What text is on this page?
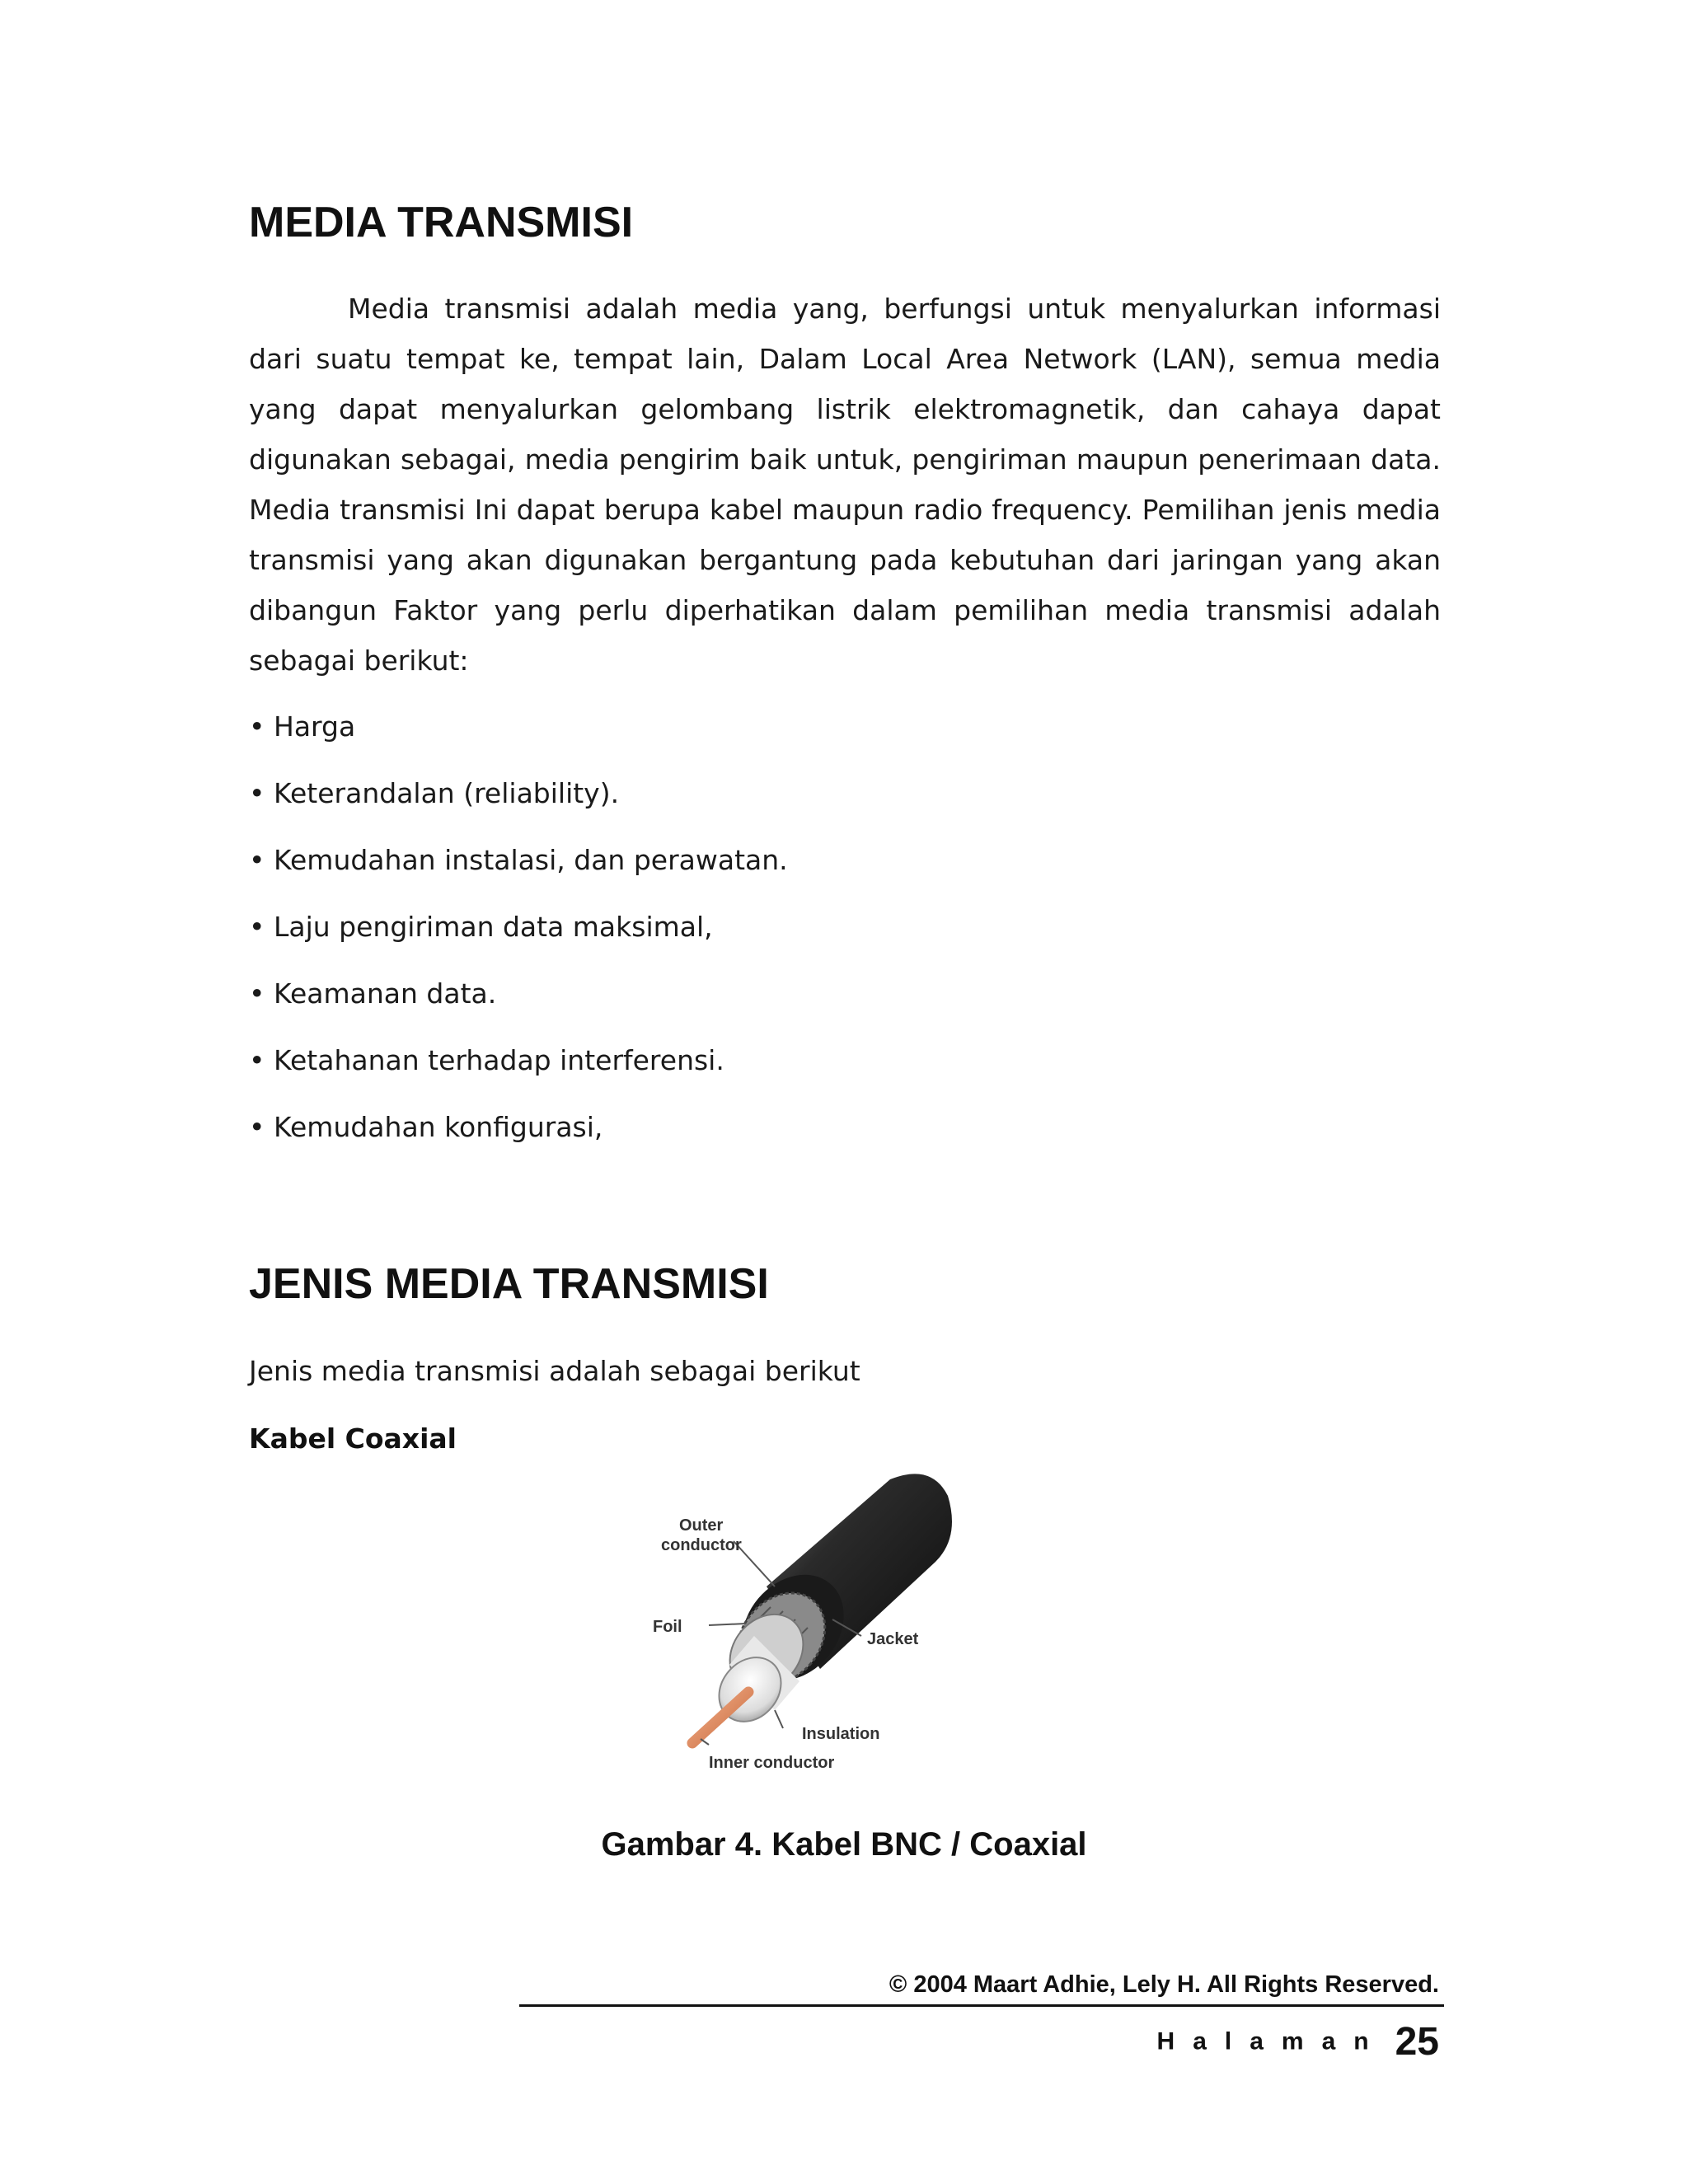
MEDIA TRANSMISI

Media transmisi adalah media yang, berfungsi untuk menyalurkan informasi dari suatu tempat ke, tempat lain, Dalam Local Area Network (LAN), semua media yang dapat menyalurkan gelombang listrik elektromagnetik, dan cahaya dapat digunakan sebagai, media pengirim baik untuk, pengiriman maupun penerimaan data. Media transmisi Ini dapat berupa kabel maupun radio frequency. Pemilihan jenis media transmisi yang akan digunakan bergantung pada kebutuhan dari jaringan yang akan dibangun Faktor yang perlu diperhatikan dalam pemilihan media transmisi adalah sebagai berikut:

• Harga
• Keterandalan (reliability).
• Kemudahan instalasi, dan perawatan.
• Laju pengiriman data maksimal,
• Keamanan data.
• Ketahanan terhadap interferensi.
• Kemudahan konfigurasi,
JENIS MEDIA TRANSMISI

Jenis media transmisi adalah sebagai berikut

Kabel Coaxial

Outer
conductor
Foil
Jacket
Insulation
Inner conductor

Gambar 4. Kabel BNC / Coaxial

© 2004 Maart Adhie, Lely H. All Rights Reserved.

Halaman 25
